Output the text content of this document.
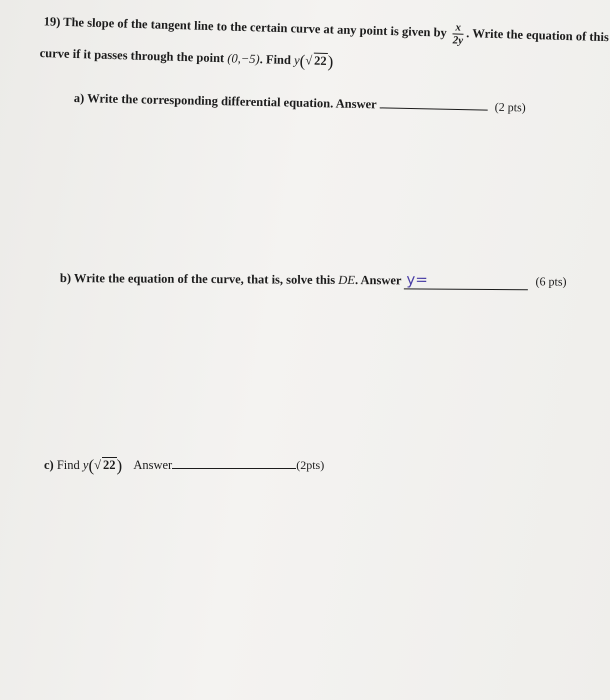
19) The slope of the tangent line to the certain curve at any point is given by $\frac{x}{2y}$ . Write the equation of this
curve if it passes through the point (0,−5). Find y(√ 22)
a) Write the corresponding differential equation. Answer	(2 pts)
b) Write the equation of the curve, that is, solve this DE. Answer y=	(6 pts)
c) Find y(√ 22) Answer	(2pts)
